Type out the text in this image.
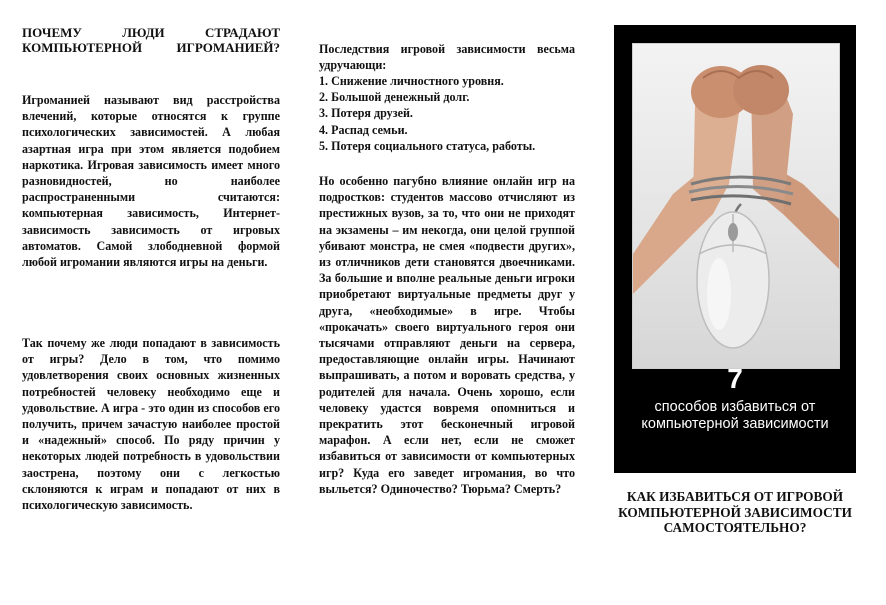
ПОЧЕМУ ЛЮДИ СТРАДАЮТ КОМПЬЮТЕРНОЙ ИГРОМАНИЕЙ?

Игроманией называют вид расстройства влечений, которые относятся к группе психологических зависимостей. А любая азартная игра при этом является подобием наркотика. Игровая зависимость имеет много разновидностей, но наиболее распространенными считаются: компьютерная зависимость, Интернет-зависимость зависимость от игровых автоматов. Самой злободневной формой любой игромании являются игры на деньги.

Так почему же люди попадают в зависимость от игры? Дело в том, что помимо удовлетворения своих основных жизненных потребностей человеку необходимо еще и удовольствие. А игра - это один из способов его получить, причем зачастую наиболее простой и «надежный» способ. По ряду причин у некоторых людей потребность в удовольствии заострена, поэтому они с легкостью склоняются к играм и попадают от них в психологическую зависимость.

Последствия игровой зависимости весьма удручающи:

1. Снижение личностного уровня.
2. Большой денежный долг.
3. Потеря друзей.
4. Распад семьи.
5. Потеря социального статуса, работы.

Но особенно пагубно влияние онлайн игр на подростков: студентов массово отчисляют из престижных вузов, за то, что они не приходят на экзамены – им некогда, они целой группой убивают монстра, не смея «подвести других», из отличников дети становятся двоечниками. За большие и вполне реальные деньги игроки приобретают виртуальные предметы друг у друга, «необходимые» в игре. Чтобы «прокачать» своего виртуального героя они тысячами отправляют деньги на сервера, предоставляющие онлайн игры. Начинают выпрашивать, а потом и воровать средства, у родителей для начала. Очень хорошо, если человеку удастся вовремя опомниться и прекратить этот бесконечный игровой марафон. А если нет, если не сможет избавиться от зависимости от компьютерных игр? Куда его заведет игромания, во что выльется? Одиночество? Тюрьма? Смерть?

7
способов избавиться от компьютерной зависимости
КАК ИЗБАВИТЬСЯ ОТ ИГРОВОЙ КОМПЬЮТЕРНОЙ ЗАВИСИМОСТИ САМОСТОЯТЕЛЬНО?
